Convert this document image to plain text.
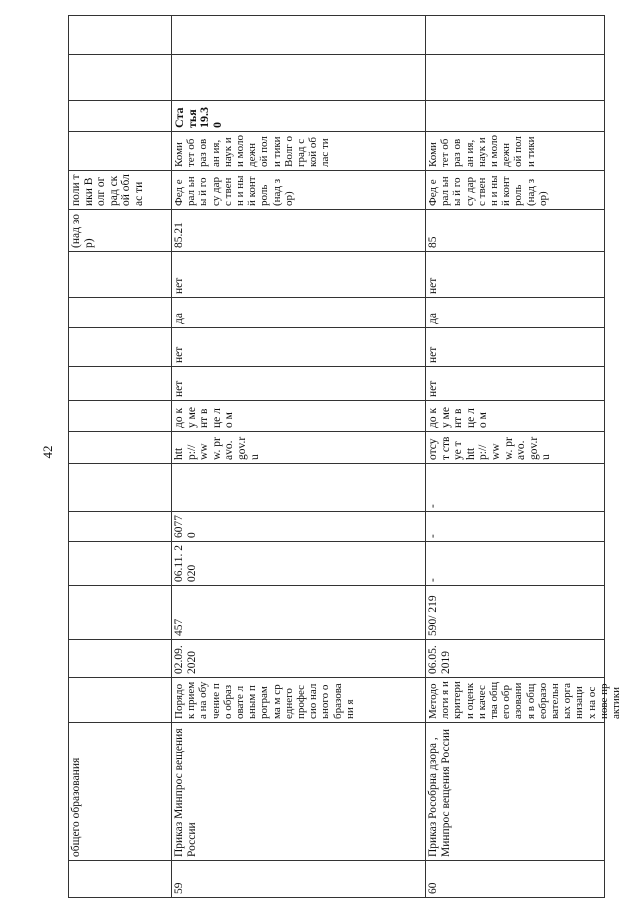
42
общего образования
(над зор)
поли тики Волг оград ской облас ти
59
Приказ Минпрос вещения России
Порядок приема на обучение по образовате льным программа м среднего профессио нального образовани я
02.09. 2020
457
06.11. 2020
60770
http:// www. pravo. gov.ru
до ку ме нт в це ло м
нет
нет
да
нет
85.21
Фед ерал ьны й госу дарс твен н и ный конт роль (над зор)
Коми тет образ ован ия, наук и и моло дежн ой поли тики Волг оград ской облас ти
Ста тья 19.3 0
60
Приказ Рособрна дзора , Минпрос вещения России
Методологи я и критерии оценки качества общего образования в общеобразо вательных организаци х на основе практики
06.05. 2019
590/ 219
-
-
-
отсут ствуе т http:// www. pravo. gov.ru
до ку ме нт в це ло м
нет
нет
да
нет
85
Фед ерал ьны й госу дарс твен н и ный конт роль (над зор)
Коми тет образ ован ия, наук и и моло дежн ой поли тики
